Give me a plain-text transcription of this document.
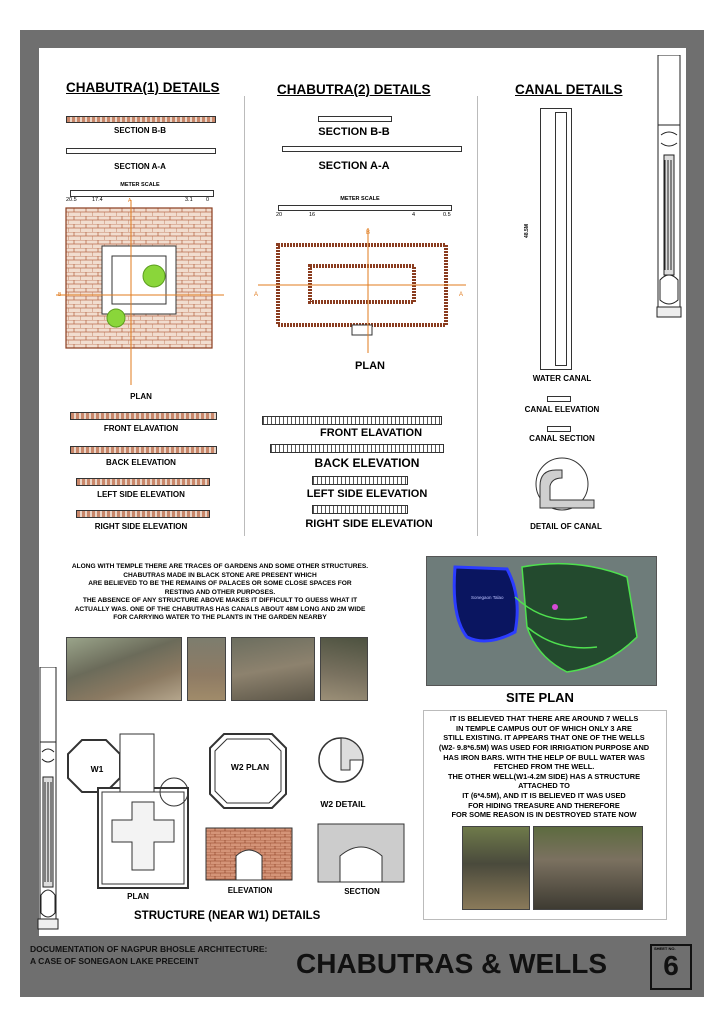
CHABUTRA(1) DETAILS
SECTION B-B
SECTION A-A
METER SCALE
20.5	17.4	3.1 0
A
B
PLAN
FRONT ELAVATION
BACK ELEVATION
LEFT SIDE ELEVATION
RIGHT SIDE ELEVATION
CHABUTRA(2) DETAILS
SECTION B-B
SECTION A-A
METER SCALE
20	16	4	0.5
A	A
B
PLAN
FRONT ELAVATION
BACK ELEVATION
LEFT SIDE ELEVATION
RIGHT SIDE ELEVATION
CANAL DETAILS
48.5M
WATER CANAL
CANAL ELEVATION
CANAL SECTION
DETAIL OF CANAL
ALONG WITH TEMPLE THERE ARE TRACES OF GARDENS AND SOME OTHER STRUCTURES.
CHABUTRAS MADE IN BLACK STONE ARE PRESENT WHICH
ARE BELIEVED TO BE THE REMAINS OF PALACES OR SOME CLOSE SPACES FOR
RESTING AND OTHER PURPOSES.
THE ABSENCE OF ANY STRUCTURE ABOVE MAKES IT DIFFICULT TO GUESS WHAT IT
ACTUALLY WAS. ONE OF THE CHABUTRAS HAS CANALS ABOUT 48M LONG AND 2M WIDE
FOR CARRYING WATER TO THE PLANTS IN THE GARDEN NEARBY
Sonegaon Talao
SITE PLAN
IT IS BELIEVED THAT THERE ARE AROUND 7 WELLS
IN TEMPLE CAMPUS OUT OF WHICH ONLY 3 ARE
STILL EXISTING. IT APPEARS THAT ONE OF THE WELLS
(W2- 9.8*6.5M) WAS USED FOR IRRIGATION PURPOSE AND
HAS IRON BARS. WITH THE HELP OF BULL WATER WAS
FETCHED FROM THE WELL.
THE OTHER WELL(W1-4.2M SIDE) HAS A STRUCTURE
ATTACHED TO
IT (6*4.5M), AND IT IS BELIEVED IT WAS USED
FOR HIDING TREASURE AND THEREFORE
FOR SOME REASON IS IN DESTROYED STATE NOW
W1
PLAN
W2 PLAN
W2 DETAIL
ELEVATION	SECTION
STRUCTURE (NEAR W1) DETAILS
DOCUMENTATION OF NAGPUR BHOSLE ARCHITECTURE:
A CASE OF SONEGAON LAKE PRECEINT	CHABUTRAS & WELLS	SHEET NO.
6
